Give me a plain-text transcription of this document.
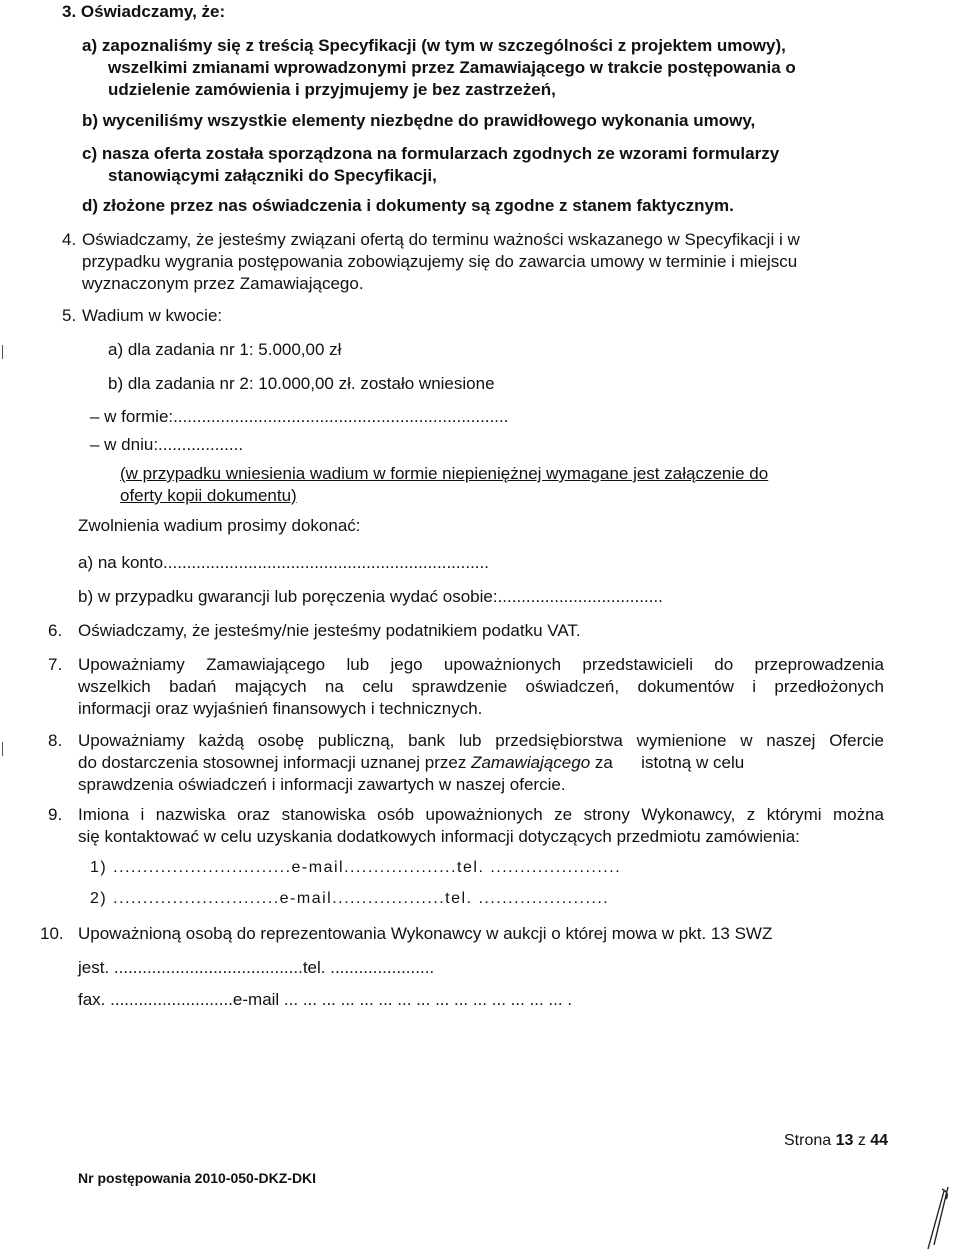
3. Oświadczamy, że:
a) zapoznaliśmy się z treścią Specyfikacji (w tym w szczególności z projektem umowy),
wszelkimi zmianami wprowadzonymi przez Zamawiającego w trakcie postępowania o
udzielenie zamówienia i przyjmujemy je bez zastrzeżeń,
b) wyceniliśmy wszystkie elementy niezbędne do prawidłowego wykonania umowy,
c) nasza oferta została sporządzona na formularzach zgodnych ze wzorami formularzy
stanowiącymi załączniki do Specyfikacji,
d) złożone przez nas oświadczenia i dokumenty są zgodne z stanem faktycznym.
4. Oświadczamy, że jesteśmy związani ofertą do terminu ważności wskazanego w Specyfikacji i w
przypadku wygrania postępowania zobowiązujemy się do zawarcia umowy w terminie i miejscu
wyznaczonym przez Zamawiającego.
5. Wadium w kwocie:
a) dla zadania nr 1: 5.000,00 zł
b) dla zadania nr 2: 10.000,00 zł. zostało wniesione
– w formie:.......................................................................
– w dniu:..................
(w przypadku wniesienia wadium w formie niepieniężnej wymagane jest załączenie do
oferty kopii dokumentu)
Zwolnienia wadium prosimy dokonać:
a) na konto.....................................................................
b) w przypadku gwarancji lub poręczenia wydać osobie:...................................
6. Oświadczamy, że jesteśmy/nie jesteśmy podatnikiem podatku VAT.
7. Upoważniamy Zamawiającego lub jego upoważnionych przedstawicieli do przeprowadzenia
wszelkich badań mających na celu sprawdzenie oświadczeń, dokumentów i przedłożonych
informacji oraz wyjaśnień finansowych i technicznych.
8. Upoważniamy każdą osobę publiczną, bank lub przedsiębiorstwa wymienione w naszej Ofercie
do dostarczenia stosownej informacji uznanej przez Zamawiającego za      istotną w celu
sprawdzenia oświadczeń i informacji zawartych w naszej ofercie.
9. Imiona i nazwiska oraz stanowiska osób upoważnionych ze strony Wykonawcy, z którymi można
się kontaktować w celu uzyskania dodatkowych informacji dotyczących przedmiotu zamówienia:
1) ..............................e-mail...................tel. ......................
2) ............................e-mail...................tel. ......................
10. Upoważnioną osobą do reprezentowania Wykonawcy w aukcji o której mowa w pkt. 13 SWZ
jest. ........................................tel. ......................
fax. ..........................e-mail ... ... ... ... ... ... ... ... ... ... ... ... ... ... ... .
Strona 13 z 44
Nr postępowania 2010-050-DKZ-DKI
